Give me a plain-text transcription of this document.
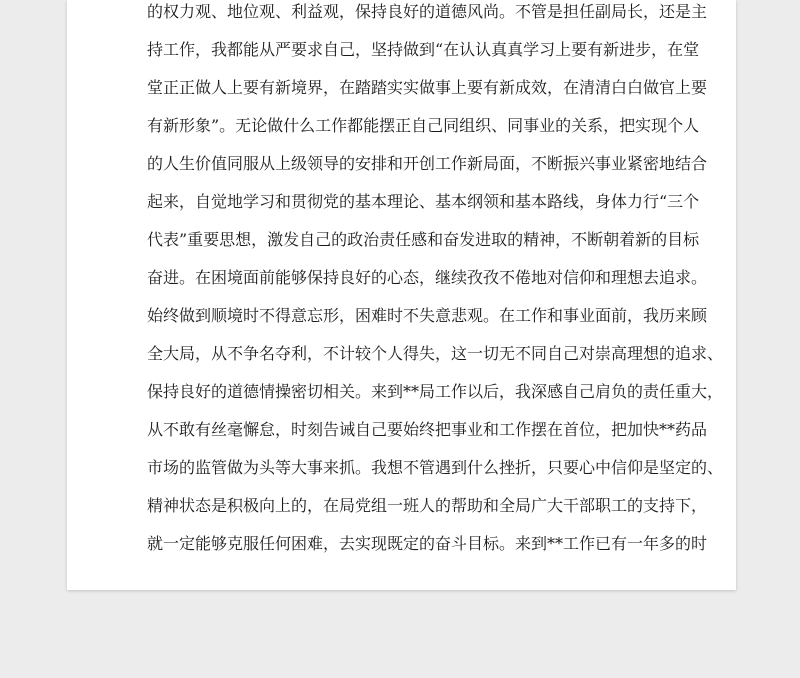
的权力观、地位观、利益观，保持良好的道德风尚。不管是担任副局长，还是主
持工作，我都能从严要求自己，坚持做到“在认认真真学习上要有新进步，在堂
堂正正做人上要有新境界，在踏踏实实做事上要有新成效，在清清白白做官上要
有新形象”。无论做什么工作都能摆正自己同组织、同事业的关系，把实现个人
的人生价值同服从上级领导的安排和开创工作新局面，不断振兴事业紧密地结合
起来，自觉地学习和贯彻党的基本理论、基本纲领和基本路线，身体力行“三个
代表”重要思想，激发自己的政治责任感和奋发进取的精神，不断朝着新的目标
奋进。在困境面前能够保持良好的心态，继续孜孜不倦地对信仰和理想去追求。
始终做到顺境时不得意忘形，困难时不失意悲观。在工作和事业面前，我历来顾
全大局，从不争名夺利，不计较个人得失，这一切无不同自己对崇高理想的追求、
保持良好的道德情操密切相关。来到**局工作以后，我深感自己肩负的责任重大，
从不敢有丝毫懈怠，时刻告诫自己要始终把事业和工作摆在首位，把加快**药品
市场的监管做为头等大事来抓。我想不管遇到什么挫折，只要心中信仰是坚定的、
精神状态是积极向上的，在局党组一班人的帮助和全局广大干部职工的支持下，
就一定能够克服任何困难，去实现既定的奋斗目标。来到**工作已有一年多的时
